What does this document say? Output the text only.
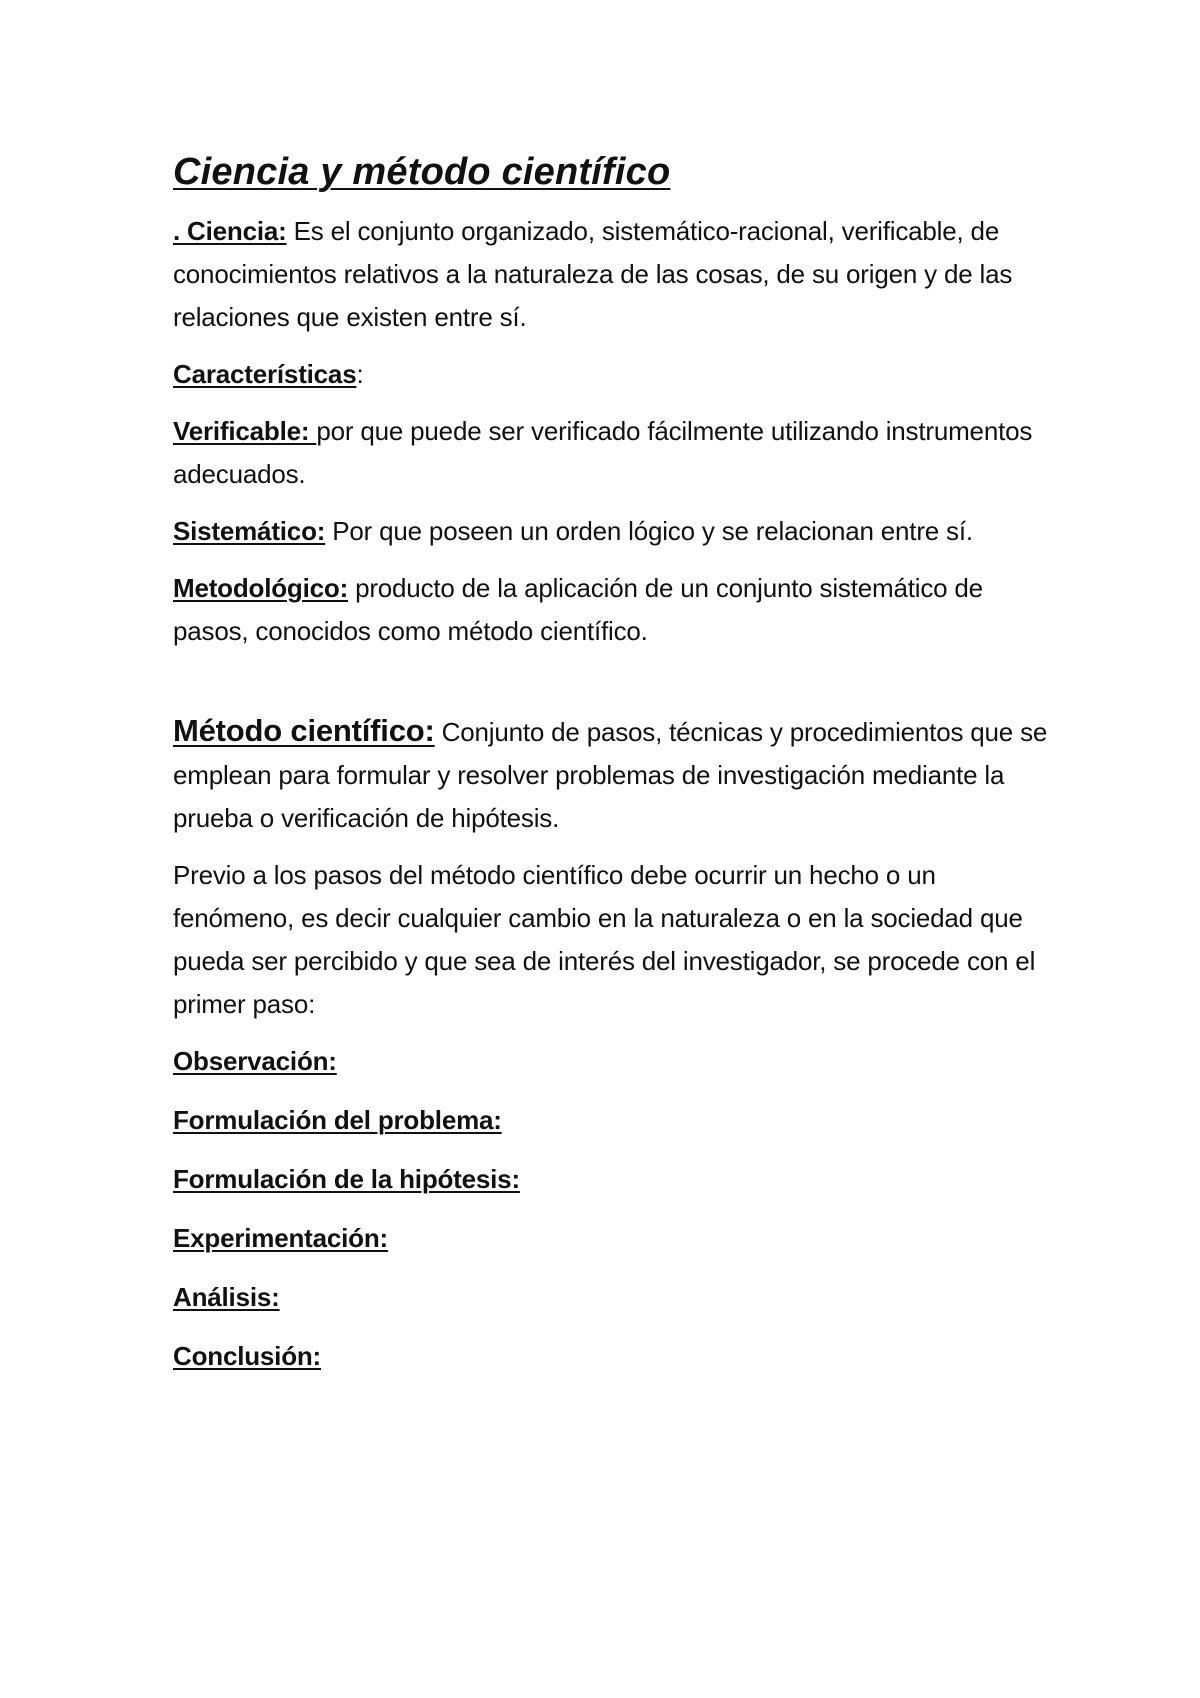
Ciencia y método científico

. Ciencia: Es el conjunto organizado, sistemático-racional, verificable, de conocimientos relativos a la naturaleza de las cosas, de su origen y de las relaciones que existen entre sí.

Características:

Verificable: por que puede ser verificado fácilmente utilizando instrumentos adecuados.

Sistemático: Por que poseen un orden lógico y se relacionan entre sí.

Metodológico: producto de la aplicación de un conjunto sistemático de pasos, conocidos como método científico.

Método científico: Conjunto de pasos, técnicas y procedimientos que se emplean para formular y resolver problemas de investigación mediante la prueba o verificación de hipótesis.

Previo a los pasos del método científico debe ocurrir un hecho o un fenómeno, es decir cualquier cambio en la naturaleza o en la sociedad que pueda ser percibido y que sea de interés del investigador, se procede con el primer paso:

Observación:

Formulación del problema:

Formulación de la hipótesis:

Experimentación:

Análisis:

Conclusión:
